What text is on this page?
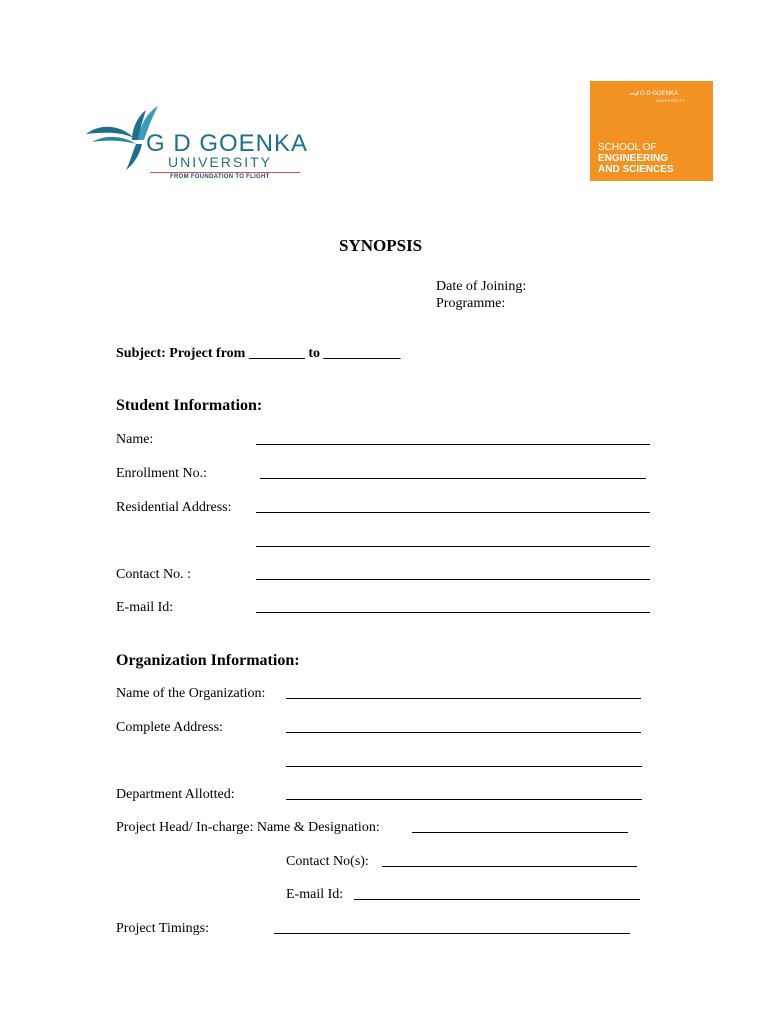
G D GOENKA
UNIVERSITY
FROM FOUNDATION TO FLIGHT
G D GOENKA
UNIVERSITY
SCHOOL OF
ENGINEERING
AND SCIENCES
SYNOPSIS
Date of Joining:
Programme:
Subject: Project from ________ to ___________
Student Information:
Name:
Enrollment No.:
Residential Address:
Contact No. :
E-mail Id:
Organization Information:
Name of the Organization:
Complete Address:
Department Allotted:
Project Head/ In-charge: Name & Designation:
Contact No(s):
E-mail Id:
Project Timings:
